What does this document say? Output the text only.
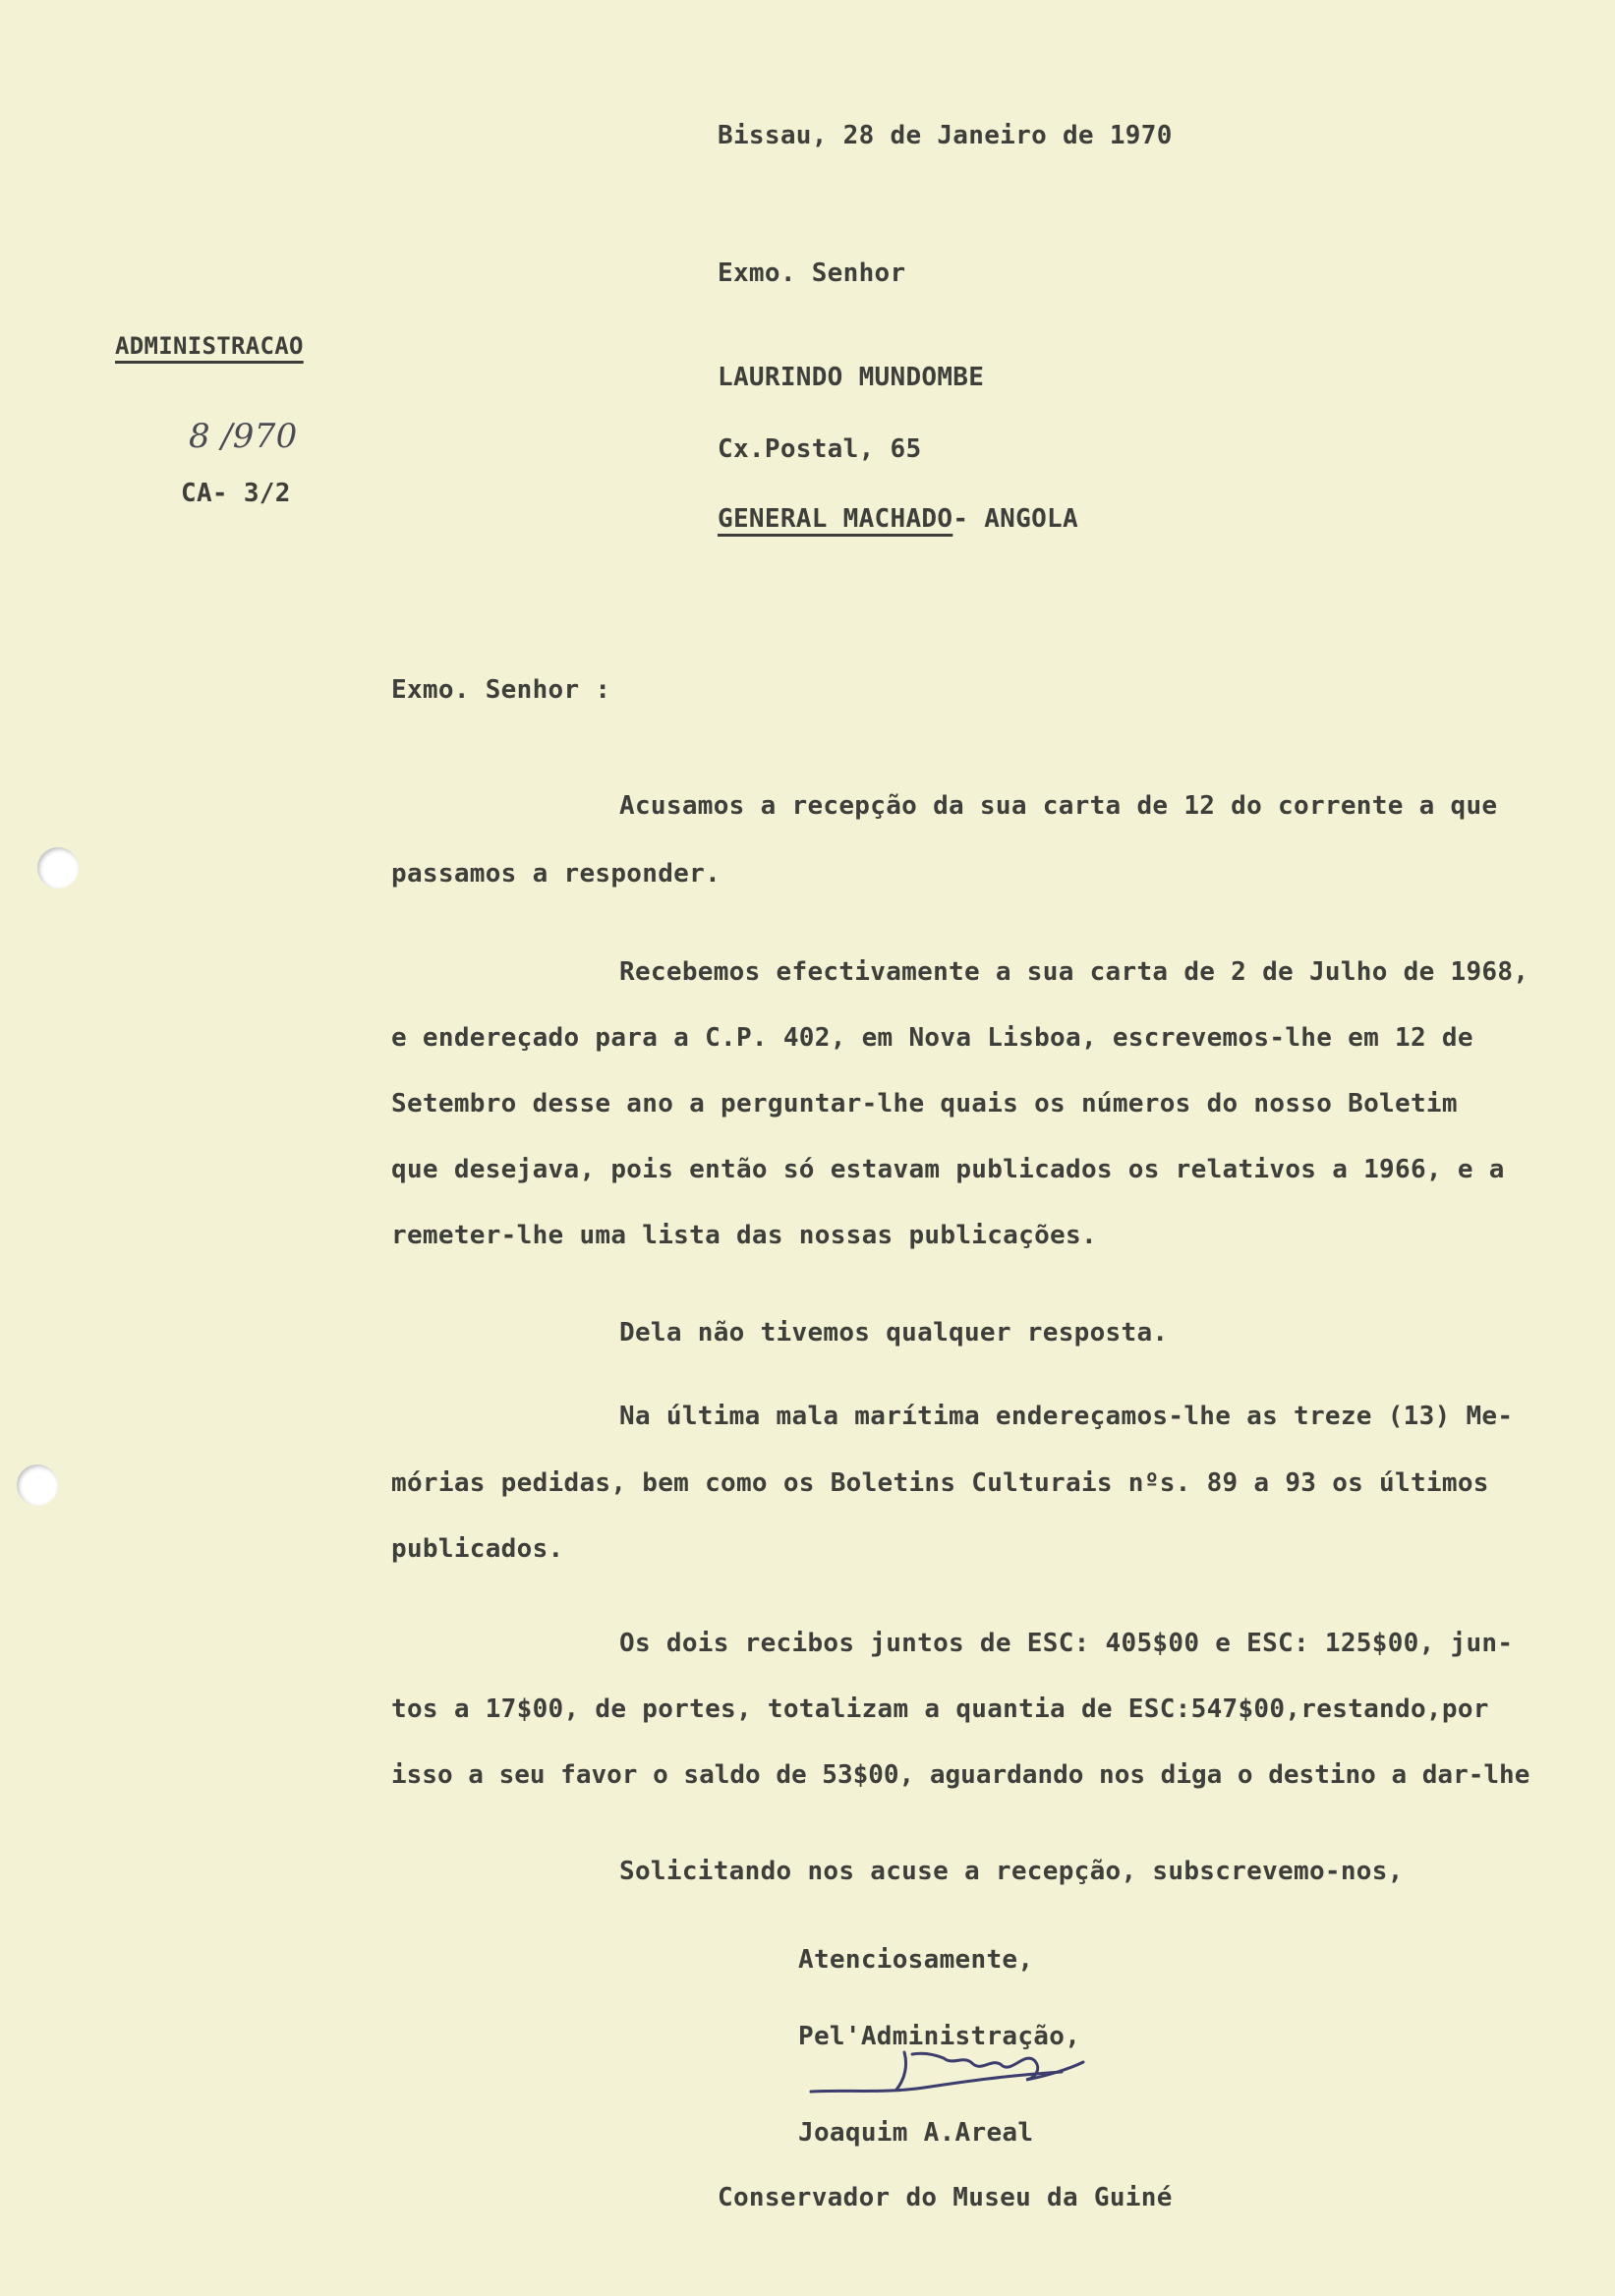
Bissau, 28 de Janeiro de 1970
Exmo. Senhor
ADMINISTRACAO
8 /970
CA- 3/2
LAURINDO MUNDOMBE
Cx.Postal, 65
GENERAL MACHADO- ANGOLA
Exmo. Senhor :
Acusamos a recepção da sua carta de 12 do corrente a que
passamos a responder.
Recebemos efectivamente a sua carta de 2 de Julho de 1968,
e endereçado para a C.P. 402, em Nova Lisboa, escrevemos-lhe em 12 de
Setembro desse ano a perguntar-lhe quais os números do nosso Boletim
que desejava, pois então só estavam publicados os relativos a 1966, e a
remeter-lhe uma lista das nossas publicações.
Dela não tivemos qualquer resposta.
Na última mala marítima endereçamos-lhe as treze (13) Me-
mórias pedidas, bem como os Boletins Culturais nºs. 89 a 93 os últimos
publicados.
Os dois recibos juntos de ESC: 405$00 e ESC: 125$00, jun-
tos a 17$00, de portes, totalizam a quantia de ESC:547$00,restando,por
isso a seu favor o saldo de 53$00, aguardando nos diga o destino a dar-lhe
Solicitando nos acuse a recepção, subscrevemo-nos,
Atenciosamente,
Pel'Administração,
Joaquim A.Areal
Conservador do Museu da Guiné
